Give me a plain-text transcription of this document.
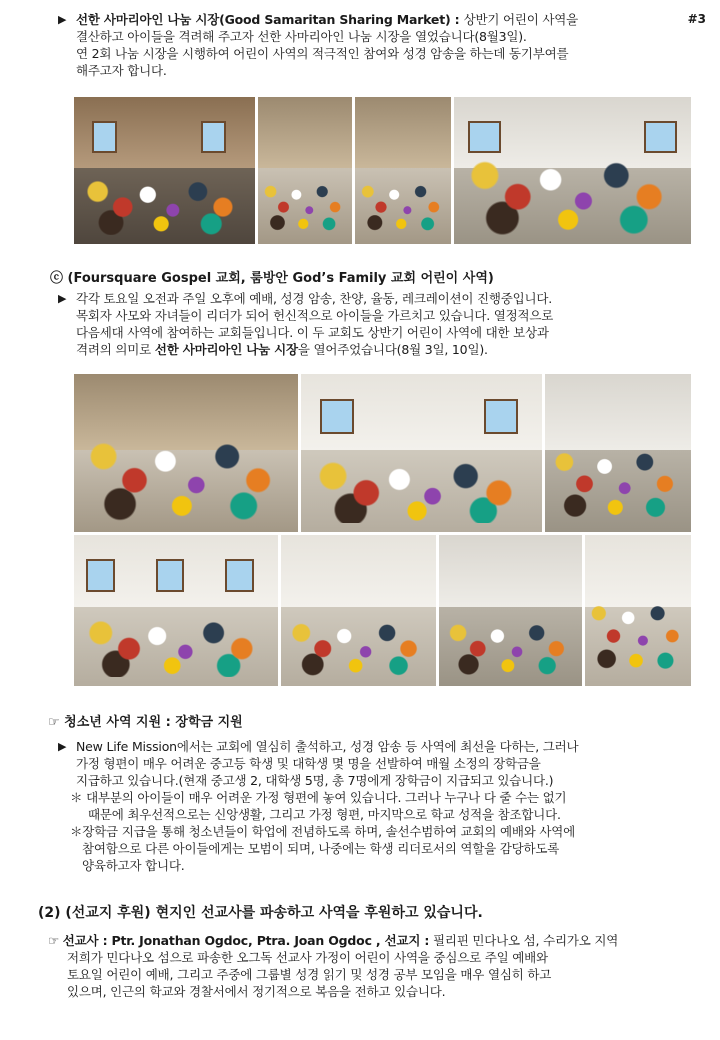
#3
▶ 선한 사마리아인 나눔 시장(Good Samaritan Sharing Market) : 상반기 어린이 사역을
결산하고 아이들을 격려해 주고자 선한 사마리아인 나눔 시장을 열었습니다(8월3일).
연 2회 나눔 시장을 시행하여 어린이 사역의 적극적인 참여와 성경 암송을 하는데 동기부여를
해주고자 합니다.
ⓒ (Foursquare Gospel 교회, 룸방안 God’s Family 교회 어린이 사역)
▶ 각각 토요일 오전과 주일 오후에 예배, 성경 암송, 찬양, 율동, 레크레이션이 진행중입니다.
목회자 사모와 자녀들이 리더가 되어 헌신적으로 아이들을 가르치고 있습니다. 열정적으로
다음세대 사역에 참여하는 교회들입니다. 이 두 교회도 상반기 어린이 사역에 대한 보상과
격려의 의미로 선한 사마리아인 나눔 시장을 열어주었습니다(8월 3일, 10일).
☞ 청소년 사역 지원 : 장학금 지원
▶ New Life Mission에서는 교회에 열심히 출석하고, 성경 암송 등 사역에 최선을 다하는, 그러나
가정 형편이 매우 어려운 중고등 학생 및 대학생 몇 명을 선발하여 매월 소정의 장학금을
지급하고 있습니다.(현재 중고생 2, 대학생 5명, 총 7명에게 장학금이 지급되고 있습니다.)
＊ 대부분의 아이들이 매우 어려운 가정 형편에 놓여 있습니다. 그러나 누구나 다 줄 수는 없기
때문에 최우선적으로는 신앙생활, 그리고 가정 형편, 마지막으로 학교 성적을 참조합니다.
＊장학금 지급을 통해 청소년들이 학업에 전념하도록 하며, 솔선수범하여 교회의 예배와 사역에
참여함으로 다른 아이들에게는 모범이 되며, 나중에는 학생 리더로서의 역할을 감당하도록
양육하고자 합니다.
(2) (선교지 후원) 현지인 선교사를 파송하고 사역을 후원하고 있습니다.
☞ 선교사 : Ptr. Jonathan Ogdoc, Ptra. Joan Ogdoc , 선교지 : 필리핀 민다나오 섬, 수리가오 지역
저희가 민다나오 섬으로 파송한 오그독 선교사 가정이 어린이 사역을 중심으로 주일 예배와
토요일 어린이 예배, 그리고 주중에 그룹별 성경 읽기 및 성경 공부 모임을 매우 열심히 하고
있으며, 인근의 학교와 경찰서에서 정기적으로 복음을 전하고 있습니다.
